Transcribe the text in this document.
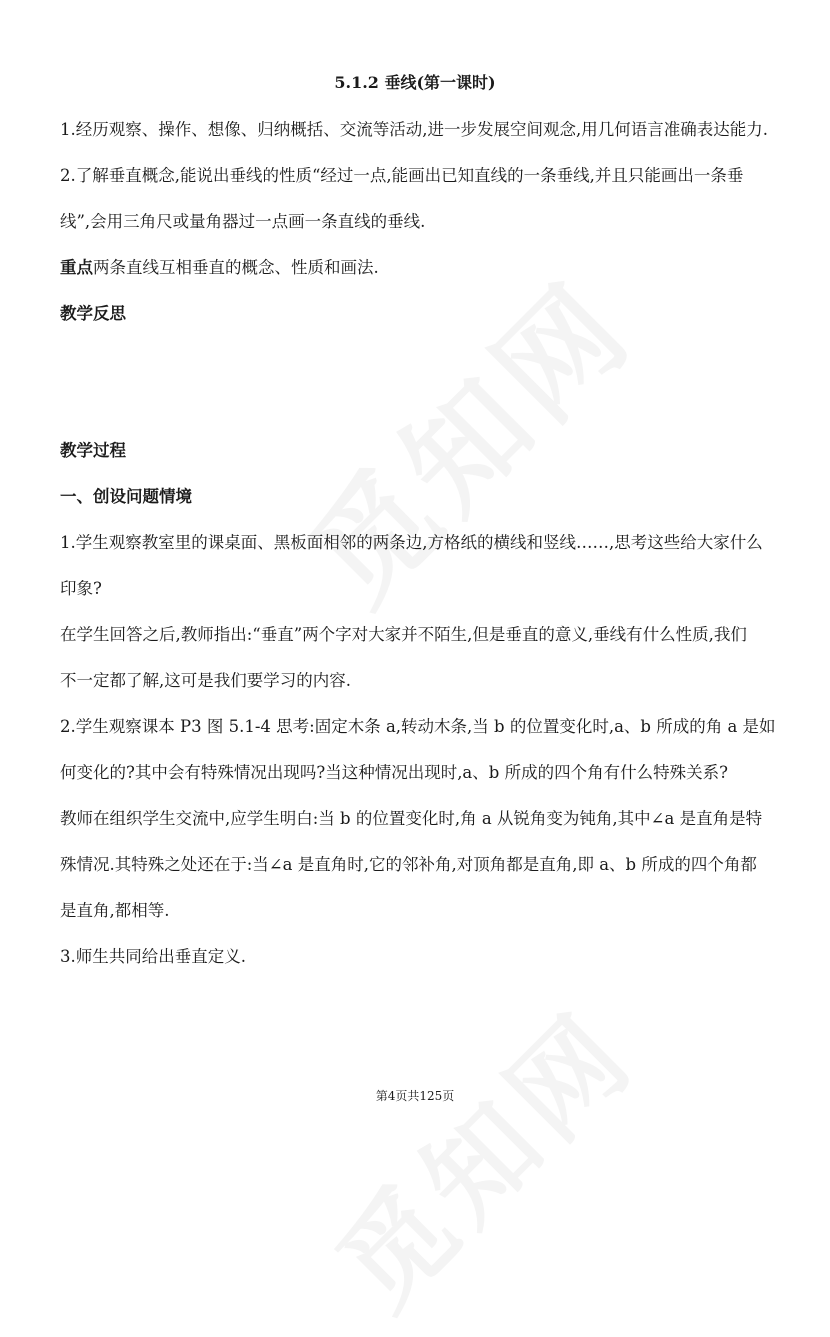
5.1.2 垂线(第一课时)
1.经历观察、操作、想像、归纳概括、交流等活动,进一步发展空间观念,用几何语言准确表达能力.
2.了解垂直概念,能说出垂线的性质“经过一点,能画出已知直线的一条垂线,并且只能画出一条垂
线”,会用三角尺或量角器过一点画一条直线的垂线.
重点两条直线互相垂直的概念、性质和画法.
教学反思
教学过程
一、创设问题情境
1.学生观察教室里的课桌面、黑板面相邻的两条边,方格纸的横线和竖线……,思考这些给大家什么
印象?
在学生回答之后,教师指出:“垂直”两个字对大家并不陌生,但是垂直的意义,垂线有什么性质,我们
不一定都了解,这可是我们要学习的内容.
2.学生观察课本 P3 图 5.1-4 思考:固定木条 a,转动木条,当 b 的位置变化时,a、b 所成的角 a 是如
何变化的?其中会有特殊情况出现吗?当这种情况出现时,a、b 所成的四个角有什么特殊关系?
教师在组织学生交流中,应学生明白:当 b 的位置变化时,角 a 从锐角变为钝角,其中∠a 是直角是特
殊情况.其特殊之处还在于:当∠a 是直角时,它的邻补角,对顶角都是直角,即 a、b 所成的四个角都
是直角,都相等.
3.师生共同给出垂直定义.
第4页共125页
